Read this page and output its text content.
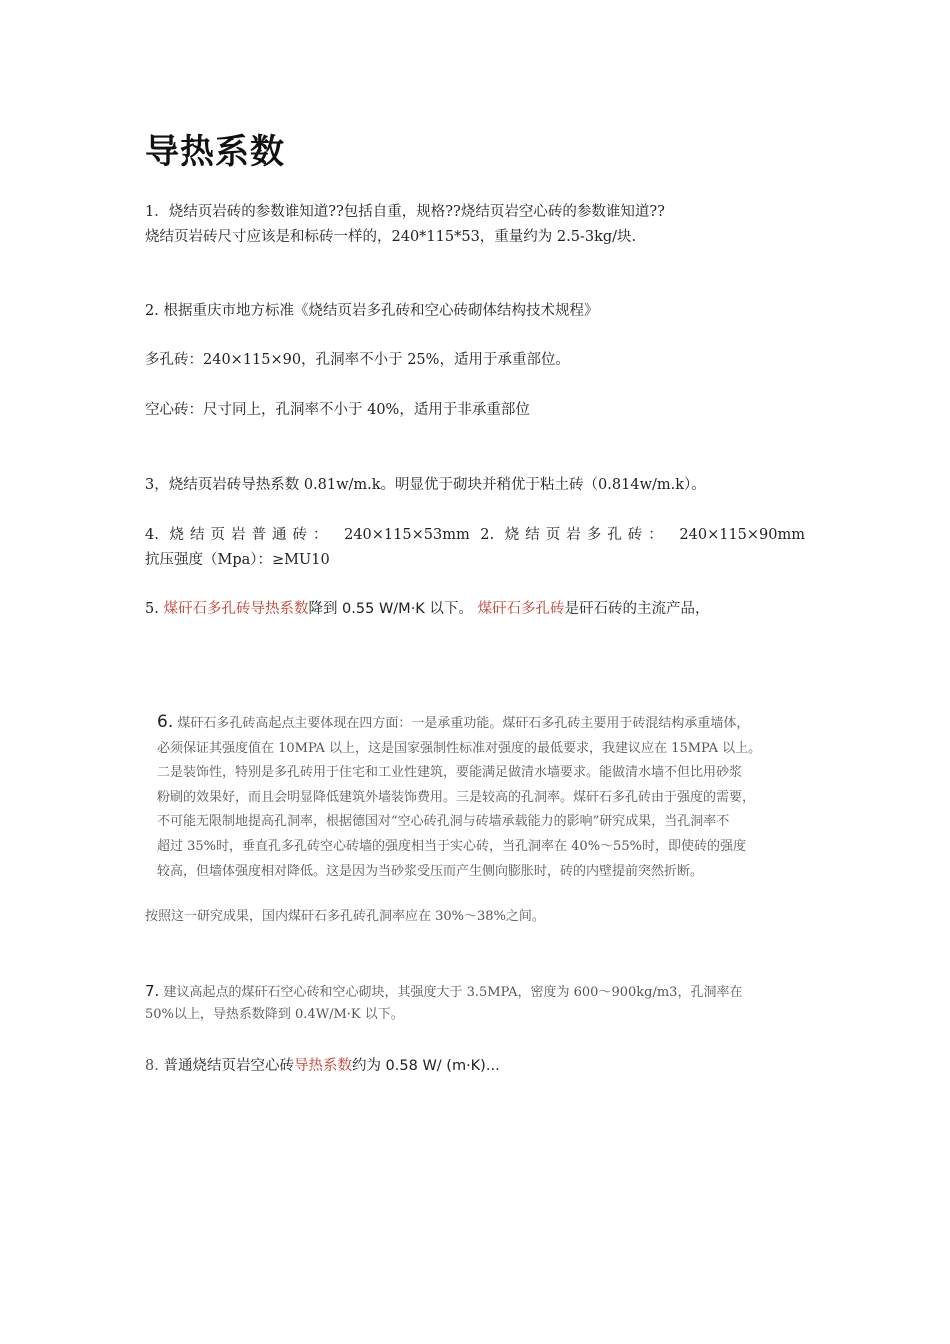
导热系数
1．烧结页岩砖的参数谁知道??包括自重，规格??烧结页岩空心砖的参数谁知道??
烧结页岩砖尺寸应该是和标砖一样的，240*115*53，重量约为 2.5-3kg/块.
2. 根据重庆市地方标准《烧结页岩多孔砖和空心砖砌体结构技术规程》
多孔砖：240×115×90，孔洞率不小于 25%，适用于承重部位。
空心砖：尺寸同上，孔洞率不小于 40%，适用于非承重部位
3，烧结页岩砖导热系数 0.81w/m.k。明显优于砌块并稍优于粘土砖（0.814w/m.k）。
4. 烧结页岩普通砖： 240×115×53mm 2. 烧结页岩多孔砖： 240×115×90mm
抗压强度（Mpa）：≥MU10
5. 煤矸石多孔砖导热系数降到 0.55 W/M·K 以下。 煤矸石多孔砖是矸石砖的主流产品，
6. 煤矸石多孔砖高起点主要体现在四方面：一是承重功能。煤矸石多孔砖主要用于砖混结构承重墙体，
必须保证其强度值在 10MPA 以上，这是国家强制性标准对强度的最低要求，我建议应在 15MPA 以上。
二是装饰性，特别是多孔砖用于住宅和工业性建筑，要能满足做清水墙要求。能做清水墙不但比用砂浆
粉刷的效果好，而且会明显降低建筑外墙装饰费用。三是较高的孔洞率。煤矸石多孔砖由于强度的需要，
不可能无限制地提高孔洞率，根据德国对“空心砖孔洞与砖墙承载能力的影响”研究成果，当孔洞率不
超过 35%时，垂直孔多孔砖空心砖墙的强度相当于实心砖，当孔洞率在 40%～55%时，即使砖的强度
较高，但墙体强度相对降低。这是因为当砂浆受压而产生侧向膨胀时，砖的内壁提前突然折断。
按照这一研究成果，国内煤矸石多孔砖孔洞率应在 30%～38%之间。
7. 建议高起点的煤矸石空心砖和空心砌块，其强度大于 3.5MPA，密度为 600～900kg/m3，孔洞率在
50%以上，导热系数降到 0.4W/M·K 以下。
8. 普通烧结页岩空心砖导热系数约为 0.58 W/ (m·K)...
